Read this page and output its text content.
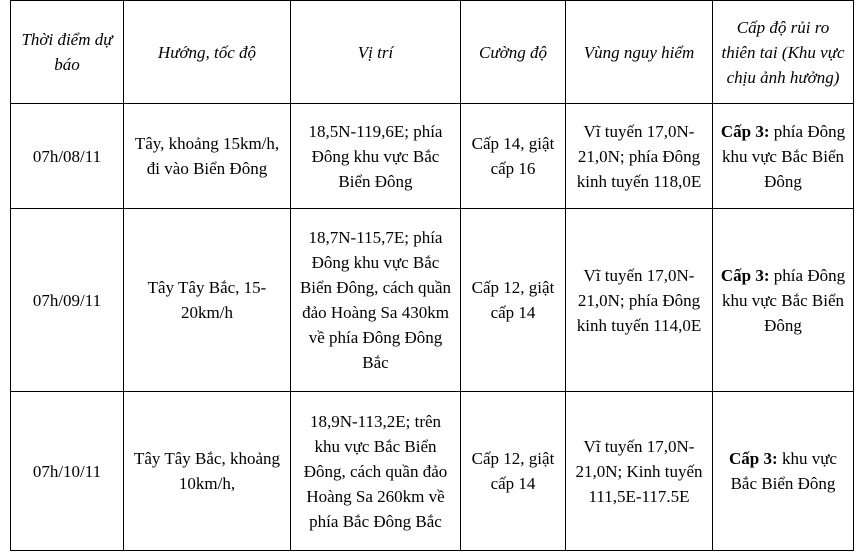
Thời điểm dự báo	Hướng, tốc độ	Vị trí	Cường độ	Vùng nguy hiểm	Cấp độ rủi ro thiên tai (Khu vực chịu ảnh hưởng)
07h/08/11	Tây, khoảng 15km/h, đi vào Biển Đông	18,5N-119,6E; phía Đông khu vực Bắc Biển Đông	Cấp 14, giật cấp 16	Vĩ tuyến 17,0N-21,0N; phía Đông kinh tuyến 118,0E	Cấp 3: phía Đông khu vực Bắc Biển Đông
07h/09/11	Tây Tây Bắc, 15-20km/h	18,7N-115,7E; phía Đông khu vực Bắc Biển Đông, cách quần đảo Hoàng Sa 430km về phía Đông Đông Bắc	Cấp 12, giật cấp 14	Vĩ tuyến 17,0N-21,0N; phía Đông kinh tuyến 114,0E	Cấp 3: phía Đông khu vực Bắc Biển Đông
07h/10/11	Tây Tây Bắc, khoảng 10km/h,	18,9N-113,2E; trên khu vực Bắc Biển Đông, cách quần đảo Hoàng Sa 260km về phía Bắc Đông Bắc	Cấp 12, giật cấp 14	Vĩ tuyến 17,0N-21,0N; Kinh tuyến 111,5E-117.5E	Cấp 3: khu vực Bắc Biển Đông
